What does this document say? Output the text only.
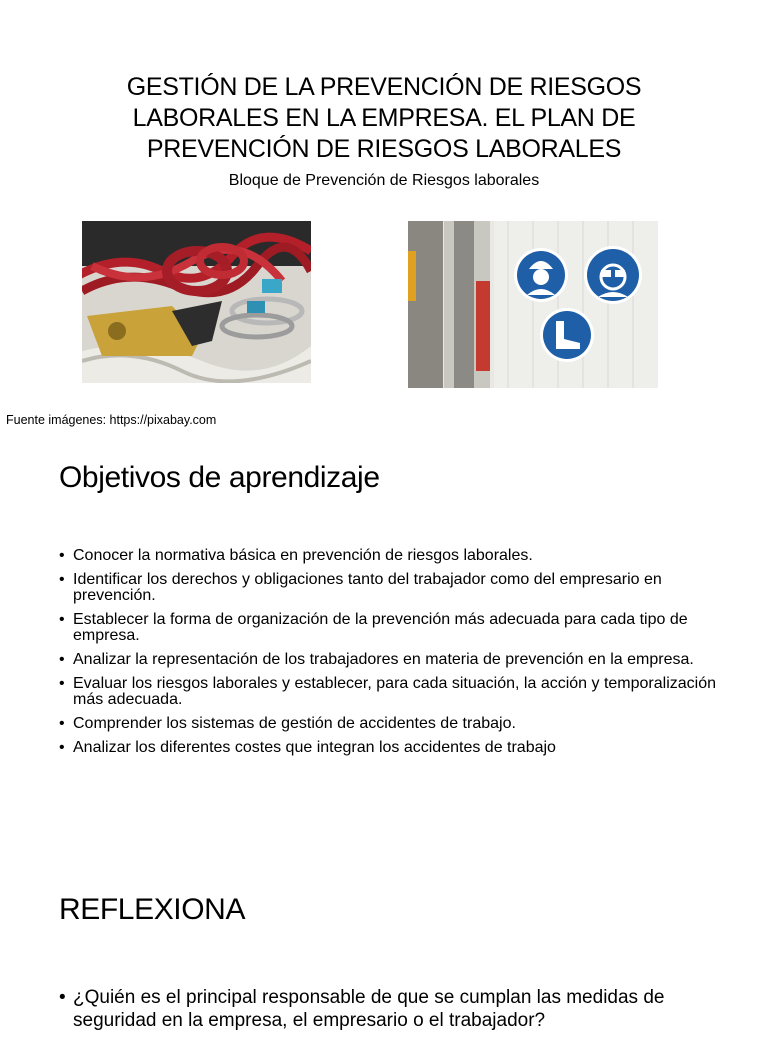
GESTIÓN DE LA PREVENCIÓN DE RIESGOS LABORALES EN LA EMPRESA. EL PLAN DE PREVENCIÓN DE RIESGOS LABORALES
Bloque de Prevención de Riesgos laborales
Fuente imágenes: https://pixabay.com
Objetivos de aprendizaje
• Conocer la normativa básica en prevención de riesgos laborales.
• Identificar los derechos y obligaciones tanto del trabajador como del empresario en prevención.
• Establecer la forma de organización de la prevención más adecuada para cada tipo de empresa.
• Analizar la representación de los trabajadores en materia de prevención en la empresa.
• Evaluar los riesgos laborales y establecer, para cada situación, la acción y temporalización más adecuada.
• Comprender los sistemas de gestión de accidentes de trabajo.
• Analizar los diferentes costes que integran los accidentes de trabajo
REFLEXIONA
• ¿Quién es el principal responsable de que se cumplan las medidas de seguridad en la empresa, el empresario o el trabajador?
